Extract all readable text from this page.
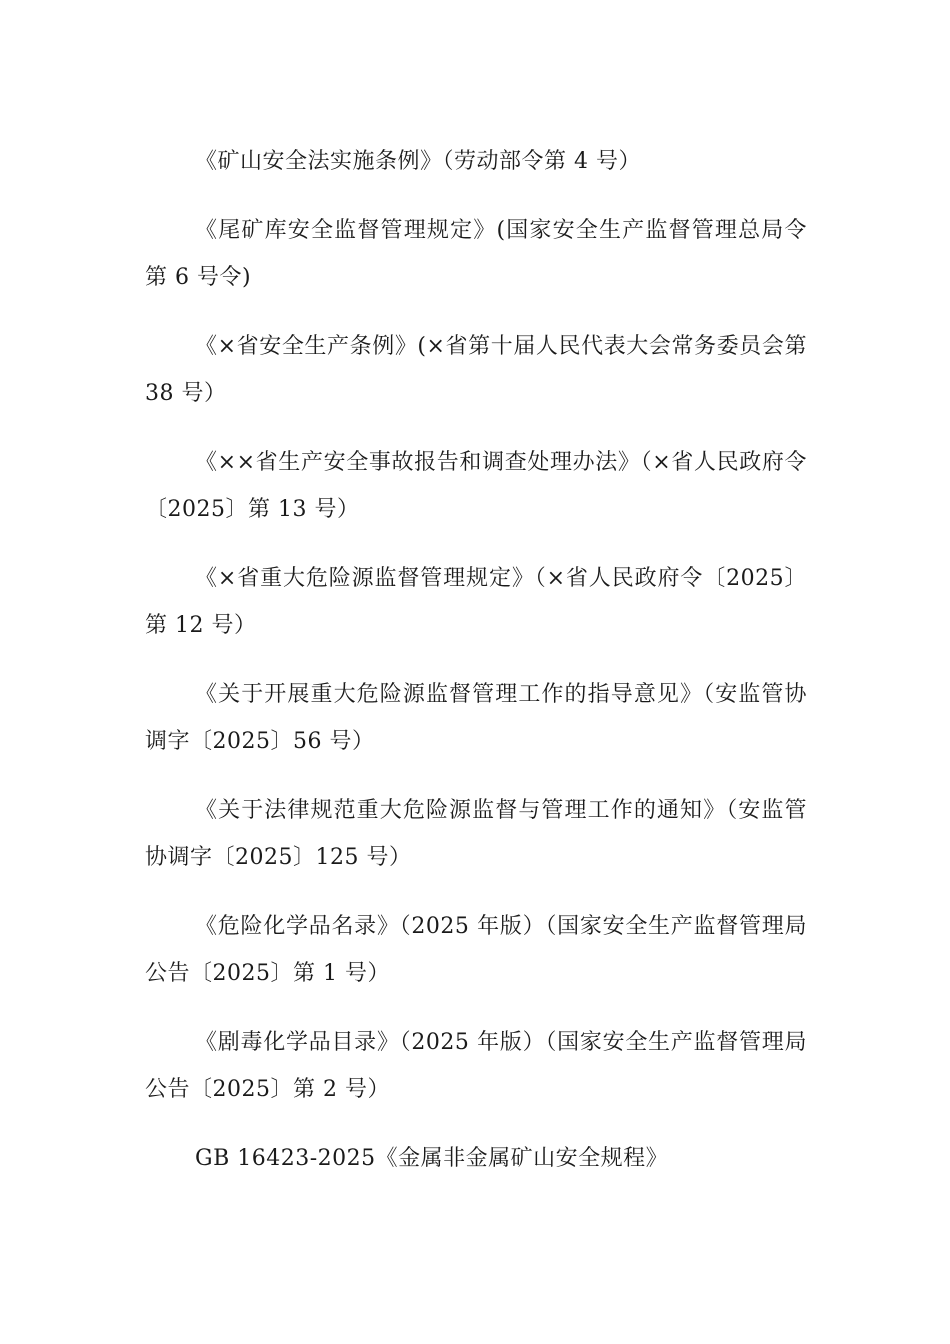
《矿山安全法实施条例》（劳动部令第 4 号）

《尾矿库安全监督管理规定》(国家安全生产监督管理总局令第 6 号令)

《×省安全生产条例》(×省第十届人民代表大会常务委员会第 38 号）

《××省生产安全事故报告和调查处理办法》（×省人民政府令〔2025〕第 13 号）

《×省重大危险源监督管理规定》（×省人民政府令〔2025〕第 12 号）

《关于开展重大危险源监督管理工作的指导意见》（安监管协调字〔2025〕56 号）

《关于法律规范重大危险源监督与管理工作的通知》（安监管协调字〔2025〕125 号）

《危险化学品名录》（2025 年版）（国家安全生产监督管理局公告〔2025〕第 1 号）

《剧毒化学品目录》（2025 年版）（国家安全生产监督管理局公告〔2025〕第 2 号）

GB 16423-2025《金属非金属矿山安全规程》
